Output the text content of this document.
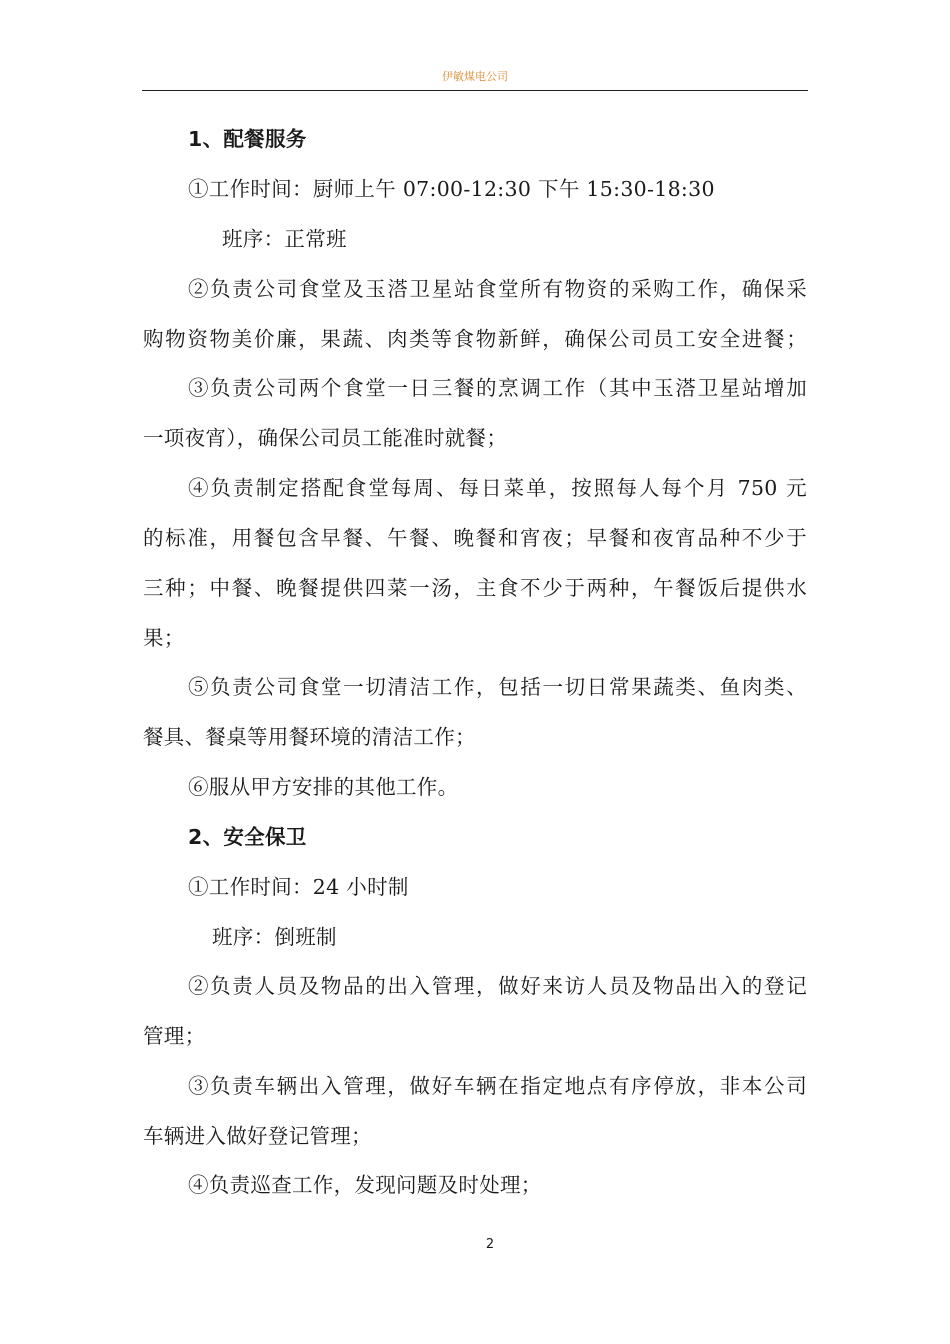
伊敏煤电公司
1、配餐服务
①工作时间：厨师上午 07:00-12:30 下午 15:30-18:30
班序：正常班
②负责公司食堂及玉溚卫星站食堂所有物资的采购工作，确保采
购物资物美价廉，果蔬、肉类等食物新鲜，确保公司员工安全进餐；
③负责公司两个食堂一日三餐的烹调工作（其中玉溚卫星站增加
一项夜宵），确保公司员工能准时就餐；
④负责制定搭配食堂每周、每日菜单，按照每人每个月 750 元
的标准，用餐包含早餐、午餐、晚餐和宵夜；早餐和夜宵品种不少于
三种；中餐、晚餐提供四菜一汤，主食不少于两种，午餐饭后提供水
果；
⑤负责公司食堂一切清洁工作，包括一切日常果蔬类、鱼肉类、
餐具、餐桌等用餐环境的清洁工作；
⑥服从甲方安排的其他工作。
2、安全保卫
①工作时间：24 小时制
班序：倒班制
②负责人员及物品的出入管理，做好来访人员及物品出入的登记
管理；
③负责车辆出入管理，做好车辆在指定地点有序停放，非本公司
车辆进入做好登记管理；
④负责巡查工作，发现问题及时处理；
2
